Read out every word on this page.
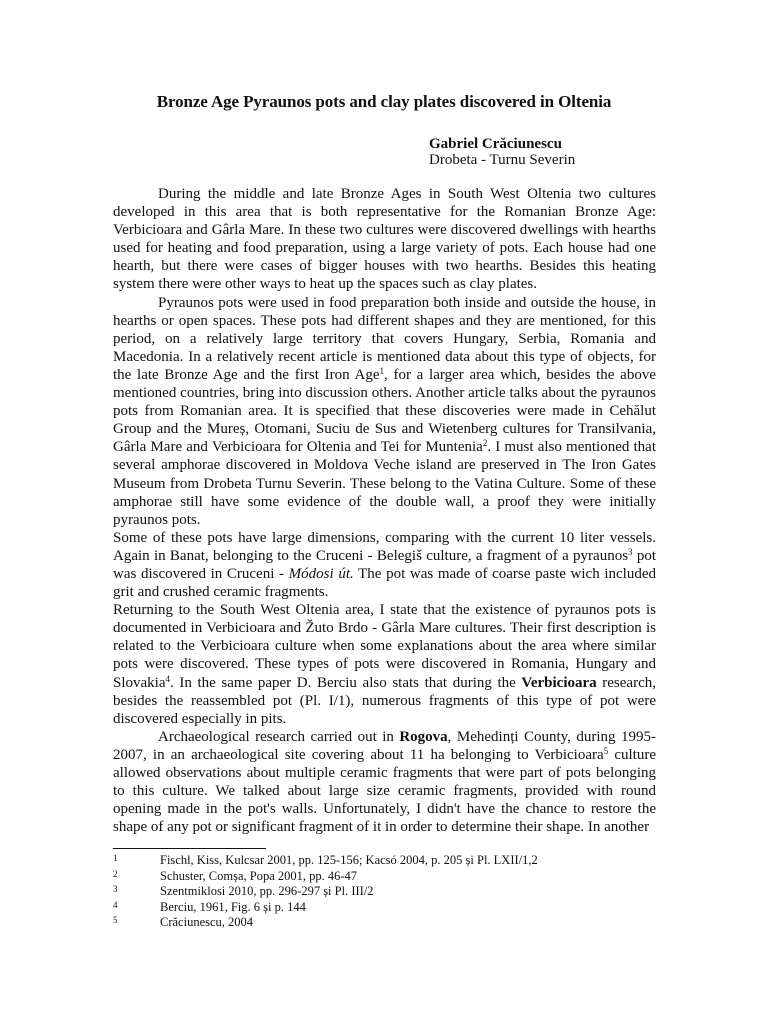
Bronze Age Pyraunos pots and clay plates discovered in Oltenia
Gabriel Crăciunescu
Drobeta - Turnu Severin

During the middle and late Bronze Ages in South West Oltenia two cultures developed in this area that is both representative for the Romanian Bronze Age: Verbicioara and Gârla Mare. In these two cultures were discovered dwellings with hearths used for heating and food preparation, using a large variety of pots. Each house had one hearth, but there were cases of bigger houses with two hearths. Besides this heating system there were other ways to heat up the spaces such as clay plates.

Pyraunos pots were used in food preparation both inside and outside the house, in hearths or open spaces. These pots had different shapes and they are mentioned, for this period, on a relatively large territory that covers Hungary, Serbia, Romania and Macedonia. In a relatively recent article is mentioned data about this type of objects, for the late Bronze Age and the first Iron Age$^1$, for a larger area which, besides the above mentioned countries, bring into discussion others. Another article talks about the pyraunos pots from Romanian area. It is specified that these discoveries were made in Cehălut Group and the Mureș, Otomani, Suciu de Sus and Wietenberg cultures for Transilvania, Gârla Mare and Verbicioara for Oltenia and Tei for Muntenia$^2$. I must also mentioned that several amphorae discovered in Moldova Veche island are preserved in The Iron Gates Museum from Drobeta Turnu Severin. These belong to the Vatina Culture. Some of these amphorae still have some evidence of the double wall, a proof they were initially pyraunos pots.

Some of these pots have large dimensions, comparing with the current 10 liter vessels. Again in Banat, belonging to the Cruceni - Belegiš culture, a fragment of a pyraunos$^3$ pot was discovered in Cruceni - Módosi út. The pot was made of coarse paste wich included grit and crushed ceramic fragments.

Returning to the South West Oltenia area, I state that the existence of pyraunos pots is documented in Verbicioara and Žuto Brdo - Gârla Mare cultures. Their first description is related to the Verbicioara culture when some explanations about the area where similar pots were discovered. These types of pots were discovered in Romania, Hungary and Slovakia$^4$. In the same paper D. Berciu also stats that during the Verbicioara research, besides the reassembled pot (Pl. I/1), numerous fragments of this type of pot were discovered especially in pits.

Archaeological research carried out in Rogova, Mehedinți County, during 1995-2007, in an archaeological site covering about 11 ha belonging to Verbicioara$^5$ culture allowed observations about multiple ceramic fragments that were part of pots belonging to this culture. We talked about large size ceramic fragments, provided with round opening made in the pot's walls. Unfortunately, I didn't have the chance to restore the shape of any pot or significant fragment of it in order to determine their shape. In another

1	Fischl, Kiss, Kulcsar 2001, pp. 125-156; Kacsó 2004, p. 205 și Pl. LXII/1,2
2	Schuster, Comșa, Popa 2001, pp. 46-47
3	Szentmiklosi 2010, pp. 296-297 și Pl. III/2
4	Berciu, 1961, Fig. 6 și p. 144
5	Crăciunescu, 2004
